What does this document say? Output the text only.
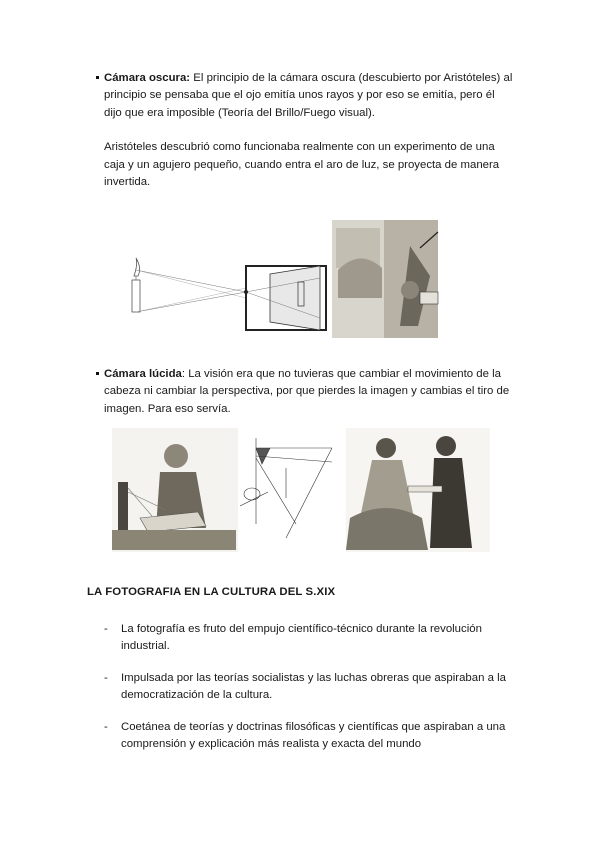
Cámara oscura: El principio de la cámara oscura (descubierto por Aristóteles) al principio se pensaba que el ojo emitía unos rayos y por eso se emitía, pero él dijo que era imposible (Teoría del Brillo/Fuego visual).

Aristóteles descubrió como funcionaba realmente con un experimento de una caja y un agujero pequeño, cuando entra el aro de luz, se proyecta de manera invertida.

Cámara lúcida: La visión era que no tuvieras que cambiar el movimiento de la cabeza ni cambiar la perspectiva, por que pierdes la imagen y cambias el tiro de imagen. Para eso servía.

LA FOTOGRAFIA EN LA CULTURA DEL S.XIX
- La fotografía es fruto del empujo científico-técnico durante la revolución industrial.
- Impulsada por las teorías socialistas y las luchas obreras que aspiraban a la democratización de la cultura.
- Coetánea de teorías y doctrinas filosóficas y científicas que aspiraban a una comprensión y explicación más realista y exacta del mundo
